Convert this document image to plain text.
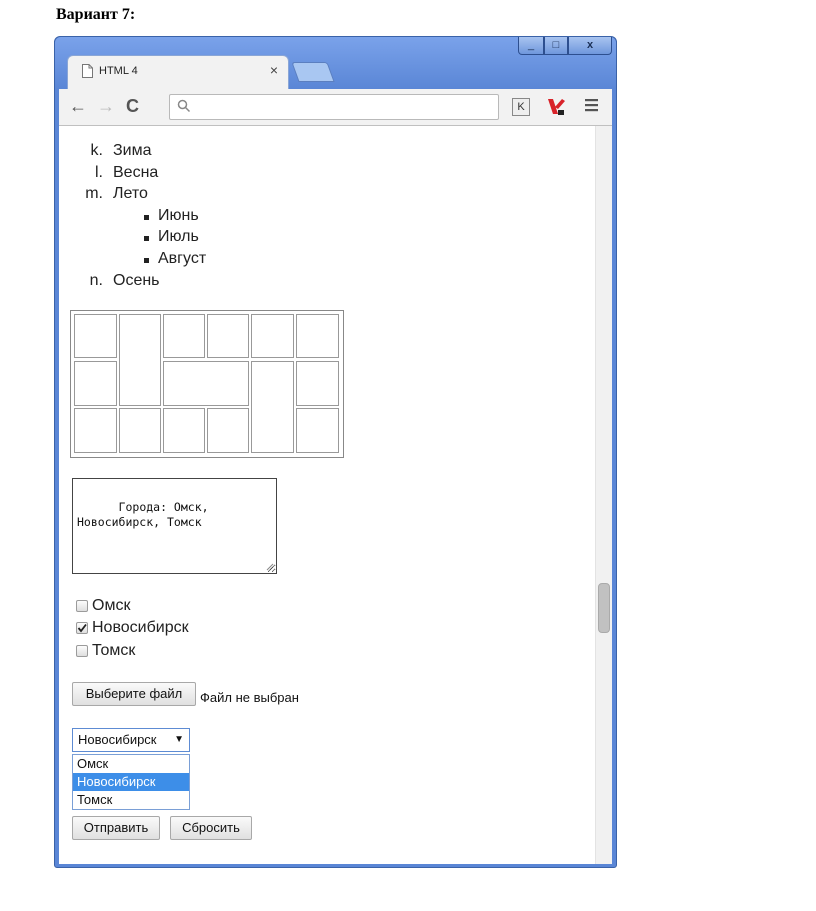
Вариант 7:
_	□	x
HTML 4	×
← → C	K
k. Зима
l. Весна
m. Лето
Июнь
Июль
Август
n. Осень

Города: Омск,
Новосибирск, Томск

Омск
Новосибирск
Томск
Выберите файл	Файл не выбран
Новосибирск ▼
Омск
Новосибирск
Томск
Отправить	Сбросить
